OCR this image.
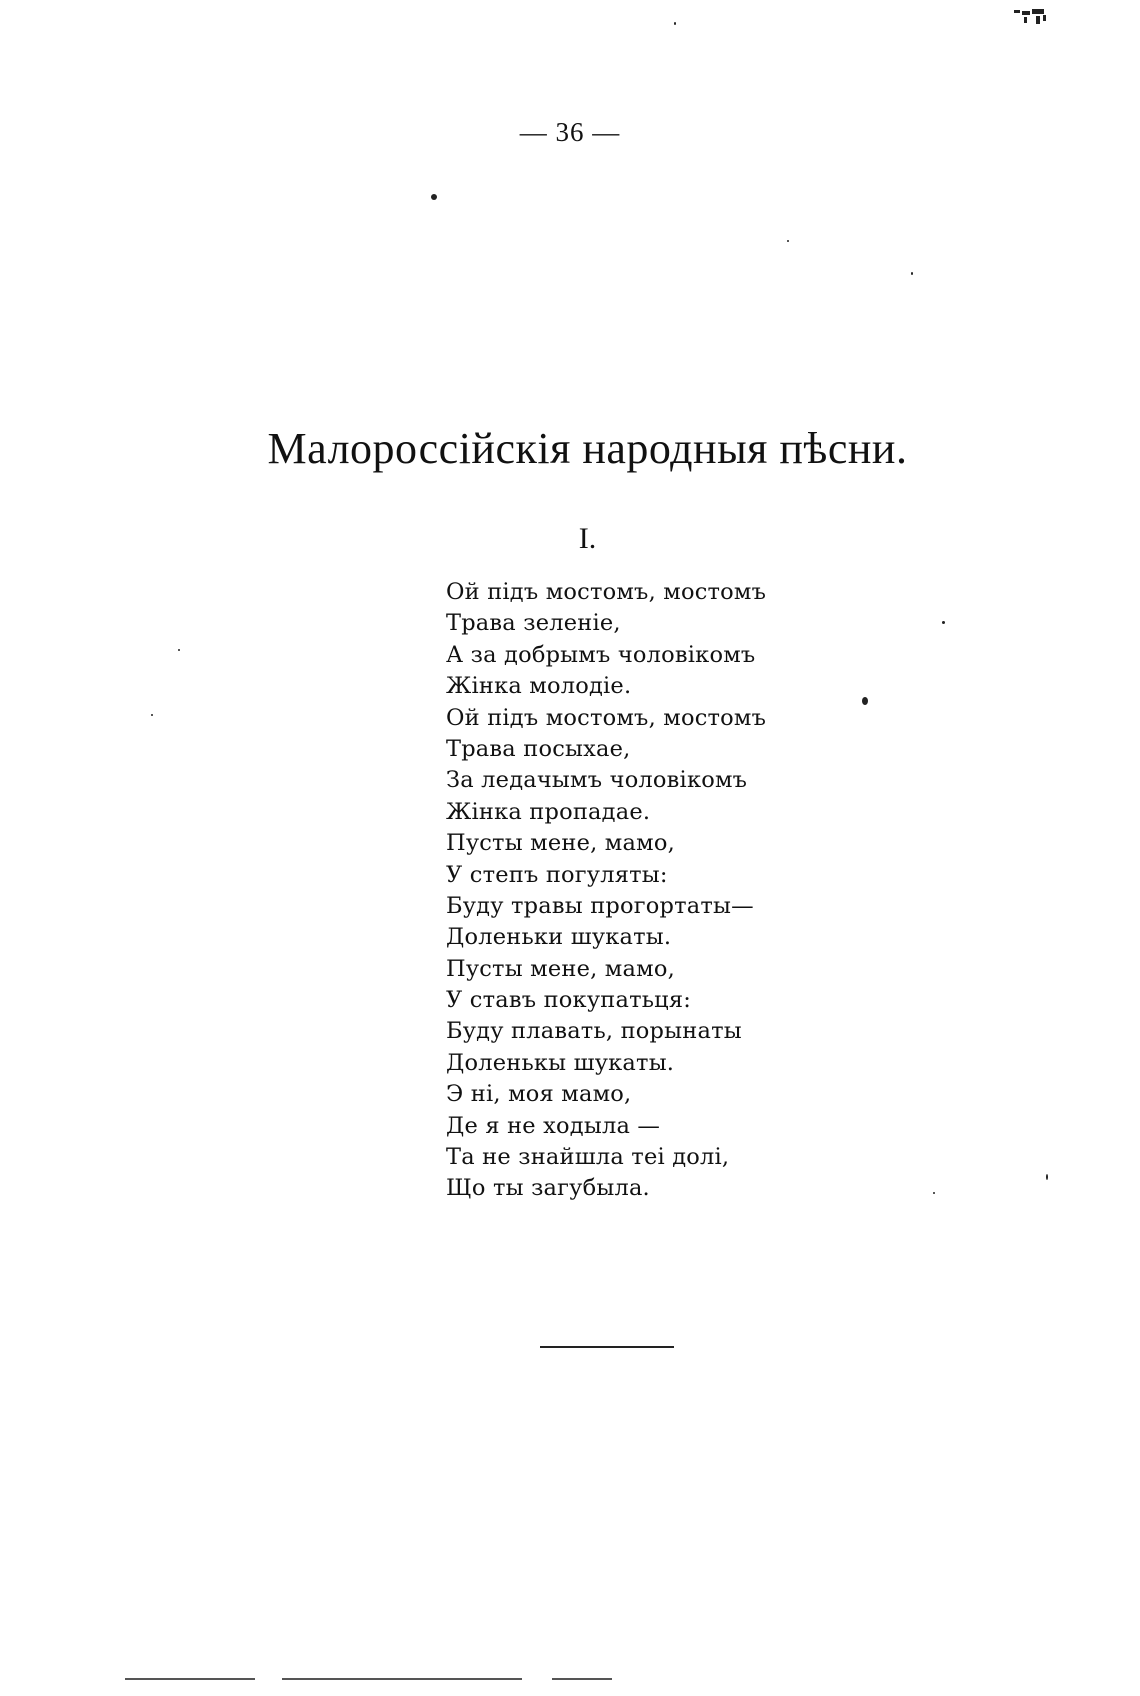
— 36 —
Малороссійскія народныя пѣсни.
I.
Ой підъ мостомъ, мостомъ
Трава зеленіе,
А за добрымъ чоловікомъ
Жінка молодіе.
Ой підъ мостомъ, мостомъ
Трава посыхае,
За ледачымъ чоловікомъ
Жінка пропадае.
Пусты мене, мамо,
У степъ погуляты:
Буду травы прогортаты—
Доленьки шукаты.
Пусты мене, мамо,
У ставъ покупатьця:
Буду плавать, порынаты
Доленькы шукаты.
Э ні, моя мамо,
Де я не ходыла —
Та не знайшла теі долі,
Що ты загубыла.
